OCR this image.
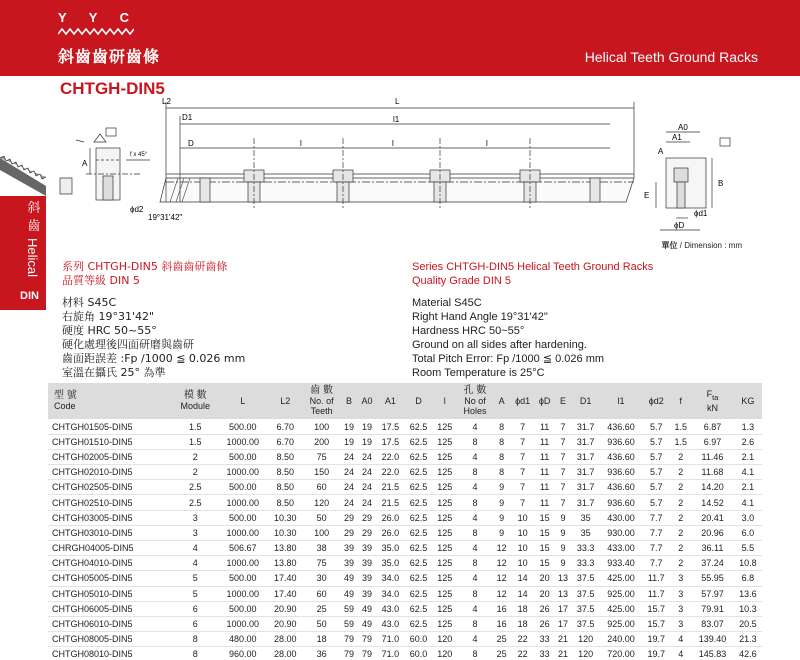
Y Y C
斜齒齒研齒條	Helical Teeth Ground Racks
CHTGH-DIN5
斜齒
Helical
DIN
A
f x 45°
ϕd2
19°31'42"
L2	L
D1	l1
D	l	l	l
A0
A1
A
E
B
ϕd1
ϕD
單位 / Dimension : mm
系列 CHTGH-DIN5 斜齒齒研齒條
品質等級 DIN 5
材料 S45C
右旋角 19°31'42"
硬度 HRC 50~55°
硬化處理後四面研磨與齒研
齒面距誤差 :Fp /1000 ≦ 0.026 mm
室溫在攝氏 25° 為準
Series CHTGH-DIN5 Helical Teeth Ground Racks
Quality Grade DIN 5
Material S45C
Right Hand Angle 19°31'42"
Hardness HRC 50~55°
Ground on all sides after hardening.
Total Pitch Error: Fp /1000 ≦ 0.026 mm
Room Temperature is 25°C
型 號
Code	模 數
Module	L	L2	齒 數
No. of
Teeth	B	A0	A1	D	l	孔 數
No of
Holes	A	ϕd1	ϕD	E	D1	l1	ϕd2	f	$F_{ta}$
kN	KG
CHTGH01505-DIN5	1.5	500.00	6.70	100	19	19	17.5	62.5	125	4	8	7	11	7	31.7	436.60	5.7	1.5	6.87	1.3
CHTGH01510-DIN5	1.5	1000.00	6.70	200	19	19	17.5	62.5	125	8	8	7	11	7	31.7	936.60	5.7	1.5	6.97	2.6
CHTGH02005-DIN5	2	500.00	8.50	75	24	24	22.0	62.5	125	4	8	7	11	7	31.7	436.60	5.7	2	11.46	2.1
CHTGH02010-DIN5	2	1000.00	8.50	150	24	24	22.0	62.5	125	8	8	7	11	7	31.7	936.60	5.7	2	11.68	4.1
CHTGH02505-DIN5	2.5	500.00	8.50	60	24	24	21.5	62.5	125	4	9	7	11	7	31.7	436.60	5.7	2	14.20	2.1
CHTGH02510-DIN5	2.5	1000.00	8.50	120	24	24	21.5	62.5	125	8	9	7	11	7	31.7	936.60	5.7	2	14.52	4.1
CHTGH03005-DIN5	3	500.00	10.30	50	29	29	26.0	62.5	125	4	9	10	15	9	35	430.00	7.7	2	20.41	3.0
CHTGH03010-DIN5	3	1000.00	10.30	100	29	29	26.0	62.5	125	8	9	10	15	9	35	930.00	7.7	2	20.96	6.0
CHRGH04005-DIN5	4	506.67	13.80	38	39	39	35.0	62.5	125	4	12	10	15	9	33.3	433.00	7.7	2	36.11	5.5
CHTGH04010-DIN5	4	1000.00	13.80	75	39	39	35.0	62.5	125	8	12	10	15	9	33.3	933.40	7.7	2	37.24	10.8
CHTGH05005-DIN5	5	500.00	17.40	30	49	39	34.0	62.5	125	4	12	14	20	13	37.5	425.00	11.7	3	55.95	6.8
CHTGH05010-DIN5	5	1000.00	17.40	60	49	39	34.0	62.5	125	8	12	14	20	13	37.5	925.00	11.7	3	57.97	13.6
CHTGH06005-DIN5	6	500.00	20.90	25	59	49	43.0	62.5	125	4	16	18	26	17	37.5	425.00	15.7	3	79.91	10.3
CHTGH06010-DIN5	6	1000.00	20.90	50	59	49	43.0	62.5	125	8	16	18	26	17	37.5	925.00	15.7	3	83.07	20.5
CHTGH08005-DIN5	8	480.00	28.00	18	79	79	71.0	60.0	120	4	25	22	33	21	120	240.00	19.7	4	139.40	21.3
CHTGH08010-DIN5	8	960.00	28.00	36	79	79	71.0	60.0	120	8	25	22	33	21	120	720.00	19.7	4	145.83	42.6
